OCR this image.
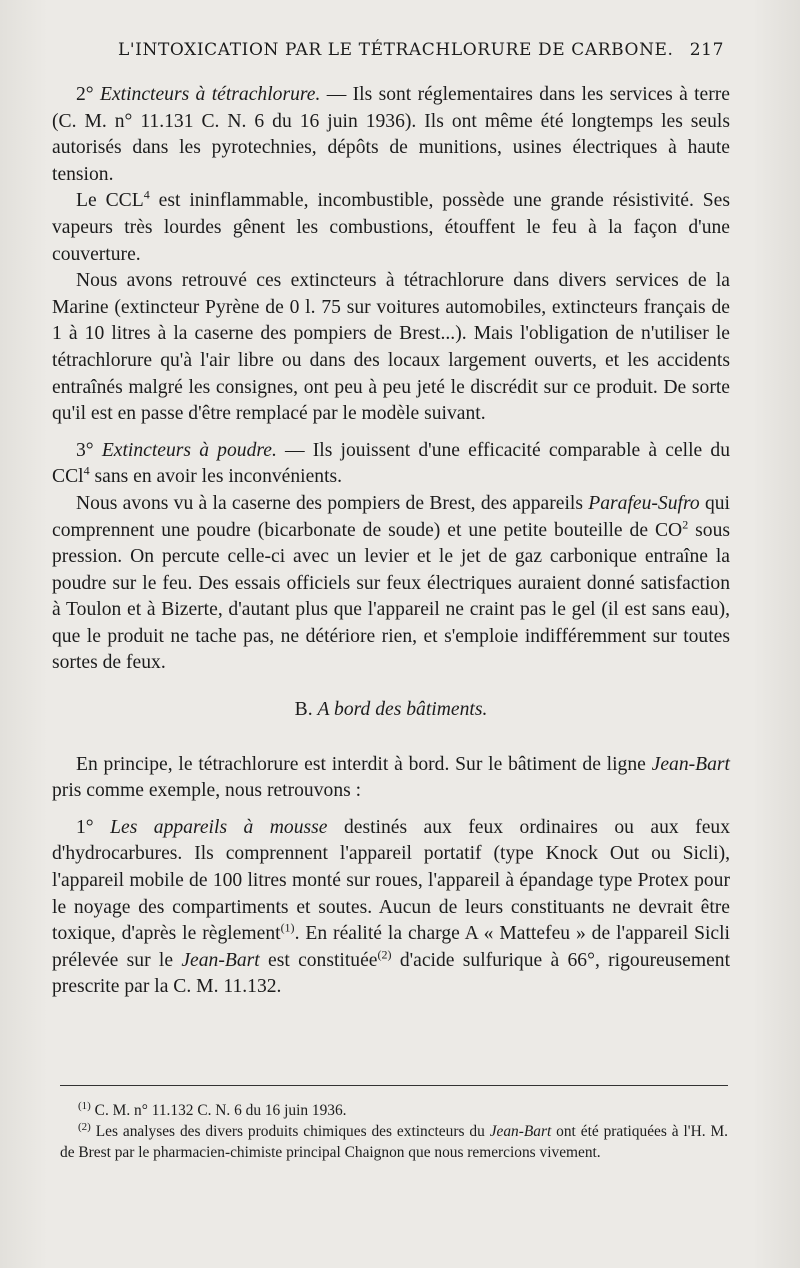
L'INTOXICATION PAR LE TÉTRACHLORURE DE CARBONE. 217

2° Extincteurs à tétrachlorure. — Ils sont réglementaires dans les services à terre (C. M. n° 11.131 C. N. 6 du 16 juin 1936). Ils ont même été longtemps les seuls autorisés dans les pyrotechnies, dépôts de munitions, usines électriques à haute tension.

Le CCL$^4$ est ininflammable, incombustible, possède une grande résistivité. Ses vapeurs très lourdes gênent les combustions, étouffent le feu à la façon d'une couverture.

Nous avons retrouvé ces extincteurs à tétrachlorure dans divers services de la Marine (extincteur Pyrène de 0 l. 75 sur voitures automobiles, extincteurs français de 1 à 10 litres à la caserne des pompiers de Brest...). Mais l'obligation de n'utiliser le tétrachlorure qu'à l'air libre ou dans des locaux largement ouverts, et les accidents entraînés malgré les consignes, ont peu à peu jeté le discrédit sur ce produit. De sorte qu'il est en passe d'être remplacé par le modèle suivant.

3° Extincteurs à poudre. — Ils jouissent d'une efficacité comparable à celle du CCl$^4$ sans en avoir les inconvénients.

Nous avons vu à la caserne des pompiers de Brest, des appareils Parafeu-Sufro qui comprennent une poudre (bicarbonate de soude) et une petite bouteille de $CO^2$ sous pression. On percute celle-ci avec un levier et le jet de gaz carbonique entraîne la poudre sur le feu. Des essais officiels sur feux électriques auraient donné satisfaction à Toulon et à Bizerte, d'autant plus que l'appareil ne craint pas le gel (il est sans eau), que le produit ne tache pas, ne détériore rien, et s'emploie indifféremment sur toutes sortes de feux.

B. A bord des bâtiments.

En principe, le tétrachlorure est interdit à bord. Sur le bâtiment de ligne Jean-Bart pris comme exemple, nous retrouvons :

1° Les appareils à mousse destinés aux feux ordinaires ou aux feux d'hydrocarbures. Ils comprennent l'appareil portatif (type Knock Out ou Sicli), l'appareil mobile de 100 litres monté sur roues, l'appareil à épandage type Protex pour le noyage des compartiments et soutes. Aucun de leurs constituants ne devrait être toxique, d'après le règlement$^{(1)}$. En réalité la charge A « Mattefeu » de l'appareil Sicli prélevée sur le Jean-Bart est constituée$^{(2)}$ d'acide sulfurique à 66°, rigoureusement prescrite par la C. M. 11.132.

$^{(1)}$ C. M. n° 11.132 C. N. 6 du 16 juin 1936.

$^{(2)}$ Les analyses des divers produits chimiques des extincteurs du Jean-Bart ont été pratiquées à l'H. M. de Brest par le pharmacien-chimiste principal Chaignon que nous remercions vivement.
